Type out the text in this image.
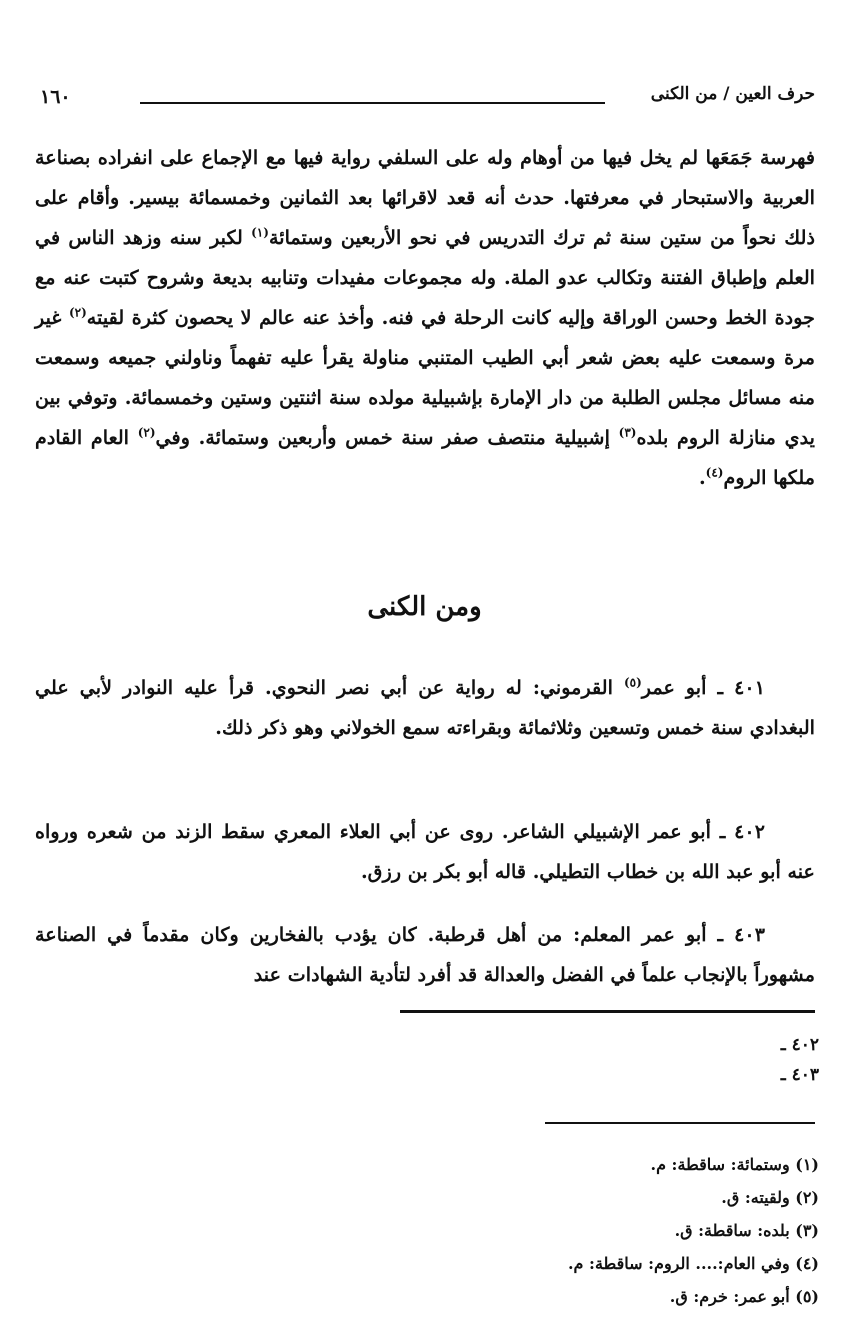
حرف العين / من الكنى
١٦٠

فهرسة جَمَعَها لم يخل فيها من أوهام وله على السلفي رواية فيها مع الإجماع على انفراده بصناعة العربية والاستبحار في معرفتها. حدث أنه قعد لاقرائها بعد الثمانين وخمسمائة بيسير. وأقام على ذلك نحواً من ستين سنة ثم ترك التدريس في نحو الأربعين وستمائة$^{(١)}$ لكبر سنه وزهد الناس في العلم وإطباق الفتنة وتكالب عدو الملة. وله مجموعات مفيدات وتنابيه بديعة وشروح كتبت عنه مع جودة الخط وحسن الوراقة وإليه كانت الرحلة في فنه. وأخذ عنه عالم لا يحصون كثرة لقيته$^{(٢)}$ غير مرة وسمعت عليه بعض شعر أبي الطيب المتنبي مناولة يقرأ عليه تفهماً وناولني جميعه وسمعت منه مسائل مجلس الطلبة من دار الإمارة بإشبيلية مولده سنة اثنتين وستين وخمسمائة. وتوفي بين يدي منازلة الروم بلده$^{(٣)}$ إشبيلية منتصف صفر سنة خمس وأربعين وستمائة. وفي$^{(٢)}$ العام القادم ملكها الروم$^{(٤)}$.

ومن الكنى

٤٠١ ـ أبو عمر$^{(٥)}$ القرموني: له رواية عن أبي نصر النحوي. قرأ عليه النوادر لأبي علي البغدادي سنة خمس وتسعين وثلاثمائة وبقراءته سمع الخولاني وهو ذكر ذلك.

٤٠٢ ـ أبو عمر الإشبيلي الشاعر. روى عن أبي العلاء المعري سقط الزند من شعره ورواه عنه أبو عبد الله بن خطاب التطيلي. قاله أبو بكر بن رزق.

٤٠٣ ـ أبو عمر المعلم: من أهل قرطبة. كان يؤدب بالفخارين وكان مقدماً في الصناعة مشهوراً بالإنجاب علماً في الفضل والعدالة قد أفرد لتأدية الشهادات عند

٤٠٢ ـ
٤٠٣ ـ
(١) وستمائة: ساقطة: م.
(٢) ولقيته: ق.
(٣) بلده: ساقطة: ق.
(٤) وفي العام:.... الروم: ساقطة: م.
(٥) أبو عمر: خرم: ق.
